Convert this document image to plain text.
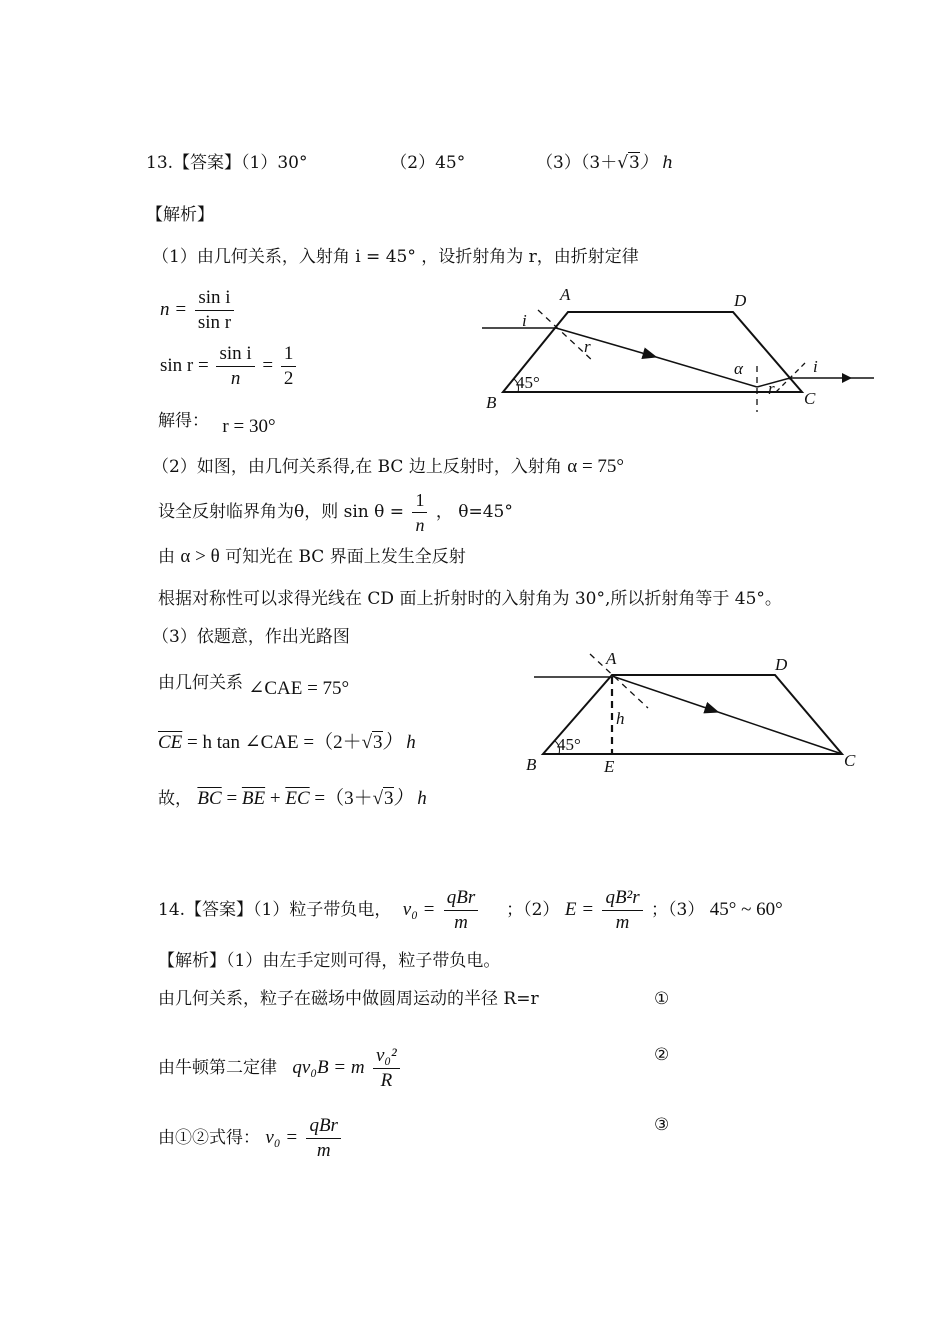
13.【答案】（1）30°	（2）45°	（3）（3＋√3） h
【解析】
（1）由几何关系，入射角 i = 45° ，设折射角为 r，由折射定律
$n = \frac{\text{sin i}}{\text{sin r}}$
$\sin r = \frac{\text{sin i}}{n} = \frac{1}{2}$
解得： r = 30°
（2）如图，由几何关系得,在 BC 边上反射时，入射角 α = 75°
设全反射临界角为θ，则 $\sin \theta = \frac{1}{n}$ ， θ=45°
由 α > θ 可知光在 BC 界面上发生全反射
根据对称性可以求得光线在 CD 面上折射时的入射角为 30°,所以折射角等于 45°。
（3）依题意，作出光路图
由几何关系 ∠CAE = 75°
$\overline{CE} = h$ tan ∠CAE =（2＋√3） h
故， $\overline{BC} = \overline{BE} + \overline{EC} =(3+√3)$ h
A	D
B	C
i
r
α
r
i
45°
A	D
B	C
E
h
45°
14.【答案】（1）粒子带负电， $v_0 = \frac{\text{qBr}}{m}$ ；（2） $E = \frac{\text{qB²r}}{m}$ ；（3） 45° ~ 60°
【解析】（1）由左手定则可得，粒子带负电。
由几何关系，粒子在磁场中做圆周运动的半径 R=r	①
由牛顿第二定律 qv₀B = m $\frac{\text{v₀²}}{R}$	②
由①②式得： $v_0 = \frac{\text{qBr}}{m}$	③
